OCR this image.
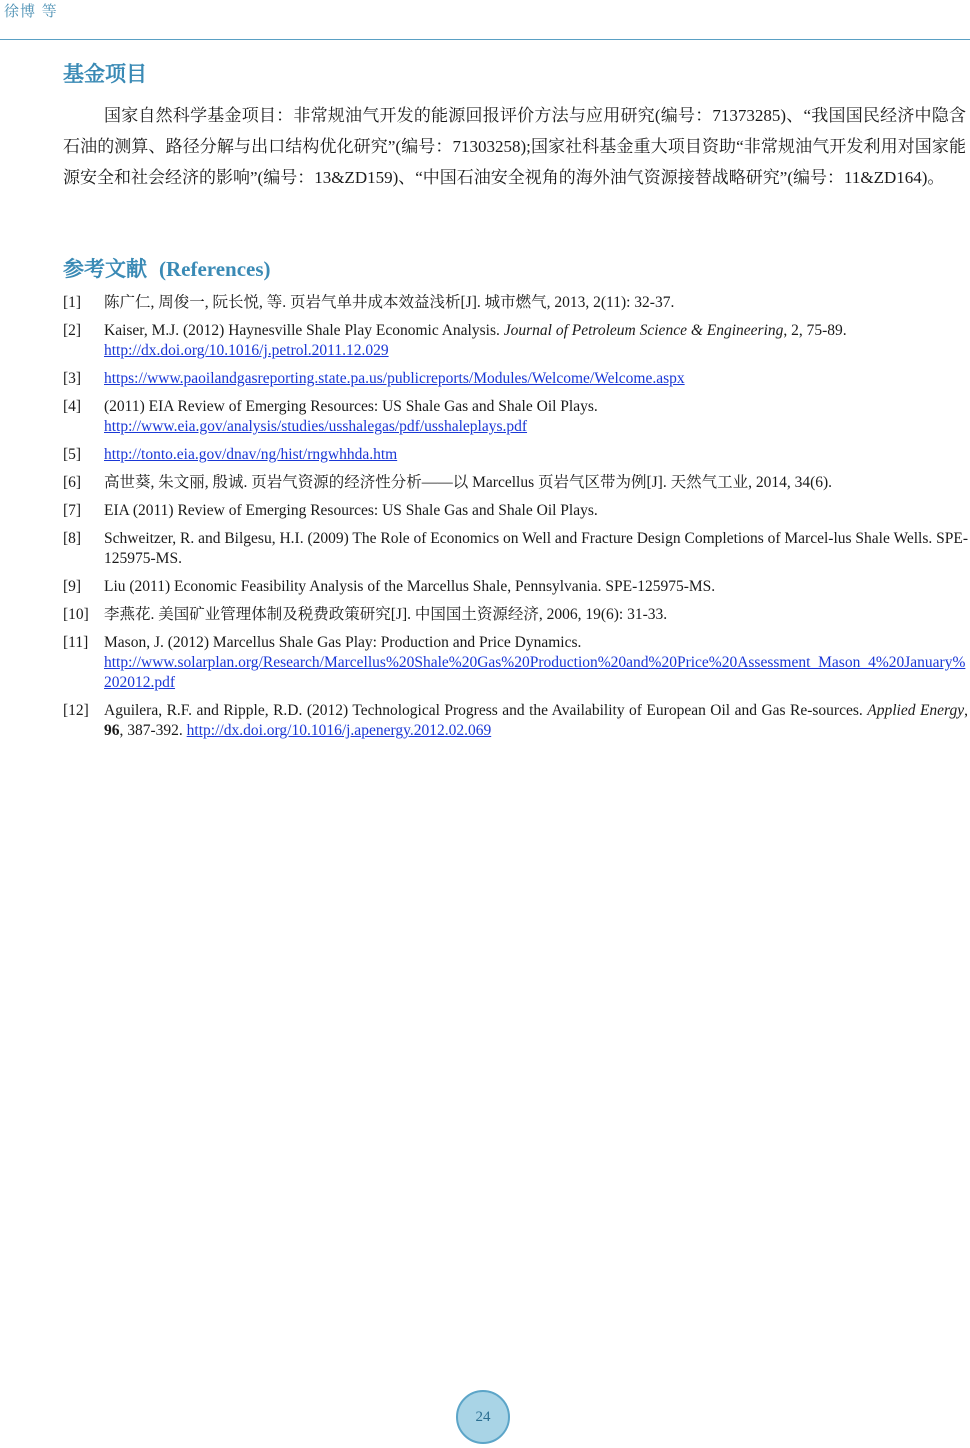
徐博 等
基金项目
国家自然科学基金项目：非常规油气开发的能源回报评价方法与应用研究(编号：71373285)、“我国国民经济中隐含石油的测算、路径分解与出口结构优化研究”(编号：71303258);国家社科基金重大项目资助“非常规油气开发利用对国家能源安全和社会经济的影响”(编号：13&ZD159)、“中国石油安全视角的海外油气资源接替战略研究”(编号：11&ZD164)。
参考文献 (References)
[1]	陈广仁, 周俊一, 阮长悦, 等. 页岩气单井成本效益浅析[J]. 城市燃气, 2013, 2(11): 32-37.
[2]	Kaiser, M.J. (2012) Haynesville Shale Play Economic Analysis. Journal of Petroleum Science & Engineering, 2, 75-89.
http://dx.doi.org/10.1016/j.petrol.2011.12.029
[3]	https://www.paoilandgasreporting.state.pa.us/publicreports/Modules/Welcome/Welcome.aspx
[4]	(2011) EIA Review of Emerging Resources: US Shale Gas and Shale Oil Plays.
http://www.eia.gov/analysis/studies/usshalegas/pdf/usshaleplays.pdf
[5]	http://tonto.eia.gov/dnav/ng/hist/rngwhhda.htm
[6]	高世葵, 朱文丽, 殷诚. 页岩气资源的经济性分析——以 Marcellus 页岩气区带为例[J]. 天然气工业, 2014, 34(6).
[7]	EIA (2011) Review of Emerging Resources: US Shale Gas and Shale Oil Plays.
[8]	Schweitzer, R. and Bilgesu, H.I. (2009) The Role of Economics on Well and Fracture Design Completions of Marcel-lus Shale Wells. SPE-125975-MS.
[9]	Liu (2011) Economic Feasibility Analysis of the Marcellus Shale, Pennsylvania. SPE-125975-MS.
[10] 李燕花. 美国矿业管理体制及税费政策研究[J]. 中国国土资源经济, 2006, 19(6): 31-33.
[11]	Mason, J. (2012) Marcellus Shale Gas Play: Production and Price Dynamics.
http://www.solarplan.org/Research/Marcellus%20Shale%20Gas%20Production%20and%20Price%20Assessment_Mason_4%20January%202012.pdf
[12] Aguilera, R.F. and Ripple, R.D. (2012) Technological Progress and the Availability of European Oil and Gas Re-sources. Applied Energy, 96, 387-392. http://dx.doi.org/10.1016/j.apenergy.2012.02.069
24
